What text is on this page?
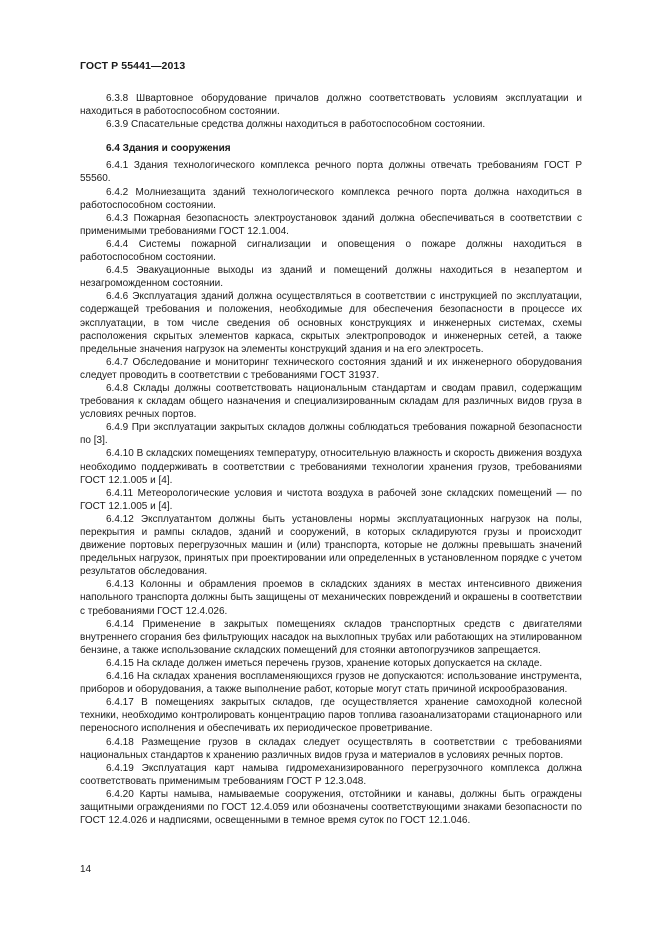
ГОСТ Р 55441—2013

6.3.8 Швартовное оборудование причалов должно соответствовать условиям эксплуатации и находиться в работоспособном состоянии.

6.3.9 Спасательные средства должны находиться в работоспособном состоянии.

6.4 Здания и сооружения

6.4.1 Здания технологического комплекса речного порта должны отвечать требованиям ГОСТ Р 55560.

6.4.2 Молниезащита зданий технологического комплекса речного порта должна находиться в работоспособном состоянии.

6.4.3 Пожарная безопасность электроустановок зданий должна обеспечиваться в соответствии с применимыми требованиями ГОСТ 12.1.004.

6.4.4 Системы пожарной сигнализации и оповещения о пожаре должны находиться в работоспособном состоянии.

6.4.5 Эвакуационные выходы из зданий и помещений должны находиться в незапертом и незагроможденном состоянии.

6.4.6 Эксплуатация зданий должна осуществляться в соответствии с инструкцией по эксплуатации, содержащей требования и положения, необходимые для обеспечения безопасности в процессе их эксплуатации, в том числе сведения об основных конструкциях и инженерных системах, схемы расположения скрытых элементов каркаса, скрытых электропроводок и инженерных сетей, а также предельные значения нагрузок на элементы конструкций здания и на его электросеть.

6.4.7 Обследование и мониторинг технического состояния зданий и их инженерного оборудования следует проводить в соответствии с требованиями ГОСТ 31937.

6.4.8 Склады должны соответствовать национальным стандартам и сводам правил, содержащим требования к складам общего назначения и специализированным складам для различных видов груза в условиях речных портов.

6.4.9 При эксплуатации закрытых складов должны соблюдаться требования пожарной безопасности по [3].

6.4.10 В складских помещениях температуру, относительную влажность и скорость движения воздуха необходимо поддерживать в соответствии с требованиями технологии хранения грузов, требованиями ГОСТ 12.1.005 и [4].

6.4.11 Метеорологические условия и чистота воздуха в рабочей зоне складских помещений — по ГОСТ 12.1.005 и [4].

6.4.12 Эксплуатантом должны быть установлены нормы эксплуатационных нагрузок на полы, перекрытия и рампы складов, зданий и сооружений, в которых складируются грузы и происходит движение портовых перегрузочных машин и (или) транспорта, которые не должны превышать значений предельных нагрузок, принятых при проектировании или определенных в установленном порядке с учетом результатов обследования.

6.4.13 Колонны и обрамления проемов в складских зданиях в местах интенсивного движения напольного транспорта должны быть защищены от механических повреждений и окрашены в соответствии с требованиями ГОСТ 12.4.026.

6.4.14 Применение в закрытых помещениях складов транспортных средств с двигателями внутреннего сгорания без фильтрующих насадок на выхлопных трубах или работающих на этилированном бензине, а также использование складских помещений для стоянки автопогрузчиков запрещается.

6.4.15 На складе должен иметься перечень грузов, хранение которых допускается на складе.

6.4.16 На складах хранения воспламеняющихся грузов не допускаются: использование инструмента, приборов и оборудования, а также выполнение работ, которые могут стать причиной искрообразования.

6.4.17 В помещениях закрытых складов, где осуществляется хранение самоходной колесной техники, необходимо контролировать концентрацию паров топлива газоанализаторами стационарного или переносного исполнения и обеспечивать их периодическое проветривание.

6.4.18 Размещение грузов в складах следует осуществлять в соответствии с требованиями национальных стандартов к хранению различных видов груза и материалов в условиях речных портов.

6.4.19 Эксплуатация карт намыва гидромеханизированного перегрузочного комплекса должна соответствовать применимым требованиям ГОСТ Р 12.3.048.

6.4.20 Карты намыва, намываемые сооружения, отстойники и канавы, должны быть ограждены защитными ограждениями по ГОСТ 12.4.059 или обозначены соответствующими знаками безопасности по ГОСТ 12.4.026 и надписями, освещенными в темное время суток по ГОСТ 12.1.046.

14
